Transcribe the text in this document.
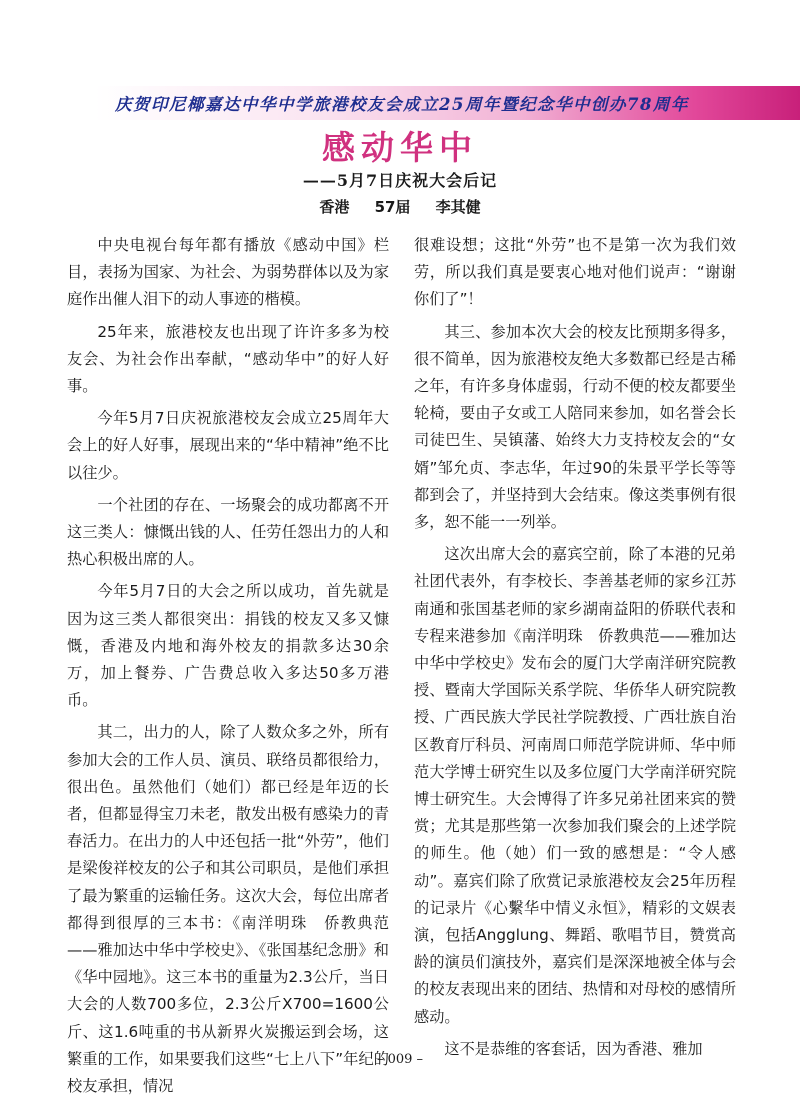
庆贺印尼椰嘉达中华中学旅港校友会成立25周年暨纪念华中创办78周年
感动华中
——5月7日庆祝大会后记
香港 57届 李其健

中央电视台每年都有播放《感动中国》栏目，表扬为国家、为社会、为弱势群体以及为家庭作出催人泪下的动人事迹的楷模。

25年来，旅港校友也出现了许许多多为校友会、为社会作出奉献，“感动华中”的好人好事。

今年5月7日庆祝旅港校友会成立25周年大会上的好人好事，展现出来的“华中精神”绝不比以往少。

一个社团的存在、一场聚会的成功都离不开这三类人：慷慨出钱的人、任劳任怨出力的人和热心积极出席的人。

今年5月7日的大会之所以成功，首先就是因为这三类人都很突出：捐钱的校友又多又慷慨，香港及内地和海外校友的捐款多达30余万，加上餐券、广告费总收入多达50多万港币。

其二，出力的人，除了人数众多之外，所有参加大会的工作人员、演员、联络员都很给力，很出色。虽然他们（她们）都已经是年迈的长者，但都显得宝刀未老，散发出极有感染力的青春活力。在出力的人中还包括一批“外劳”，他们是梁俊祥校友的公子和其公司职员，是他们承担了最为繁重的运输任务。这次大会，每位出席者都得到很厚的三本书：《南洋明珠　侨教典范——雅加达中华中学校史》、《张国基纪念册》和《华中园地》。这三本书的重量为2.3公斤，当日大会的人数700多位，2.3公斤X700=1600公斤、这1.6吨重的书从新界火炭搬运到会场，这繁重的工作，如果要我们这些“七上八下”年纪的校友承担，情况

很难设想；这批“外劳”也不是第一次为我们效劳，所以我们真是要衷心地对他们说声：“谢谢你们了”！

其三、参加本次大会的校友比预期多得多，很不简单，因为旅港校友绝大多数都已经是古稀之年，有许多身体虚弱，行动不便的校友都要坐轮椅，要由子女或工人陪同来参加，如名誉会长司徒巴生、吴镇藩、始终大力支持校友会的“女婿”邹允贞、李志华，年过90的朱景平学长等等都到会了，并坚持到大会结束。像这类事例有很多，恕不能一一列举。

这次出席大会的嘉宾空前，除了本港的兄弟社团代表外，有李校长、李善基老师的家乡江苏南通和张国基老师的家乡湖南益阳的侨联代表和专程来港参加《南洋明珠　侨教典范——雅加达中华中学校史》发布会的厦门大学南洋研究院教授、暨南大学国际关系学院、华侨华人研究院教授、广西民族大学民社学院教授、广西壮族自治区教育厅科员、河南周口师范学院讲师、华中师范大学博士研究生以及多位厦门大学南洋研究院博士研究生。大会博得了许多兄弟社团来宾的赞赏；尤其是那些第一次参加我们聚会的上述学院的师生。他（她）们一致的感想是：“令人感动”。嘉宾们除了欣赏记录旅港校友会25年历程的记录片《心繫华中情义永恒》，精彩的文娱表演，包括Angglung、舞蹈、歌唱节目，赞赏高龄的演员们演技外，嘉宾们是深深地被全体与会的校友表现出来的团结、热情和对母校的感情所感动。

这不是恭维的客套话，因为香港、雅加

– 009 –
